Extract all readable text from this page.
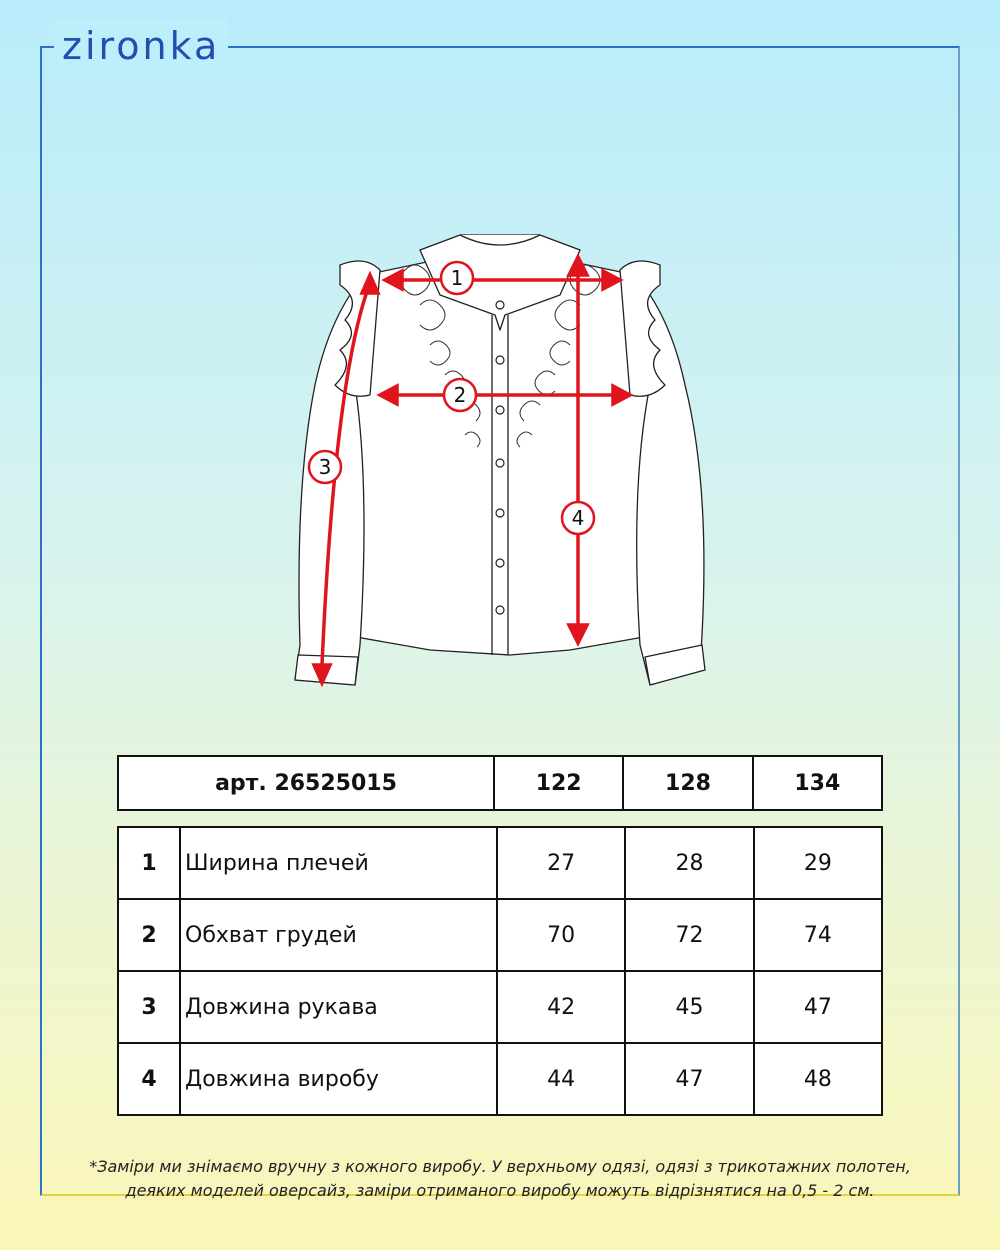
zironka
1
2
3
4
арт. 26525015	122	128	134
1	Ширина плечей	27	28	29
2	Обхват грудей	70	72	74
3	Довжина рукава	42	45	47
4	Довжина виробу	44	47	48
*Заміри ми знімаємо вручну з кожного виробу. У верхньому одязі, одязі з трикотажних полотен,
деяких моделей оверсайз, заміри отриманого виробу можуть відрізнятися на 0,5 - 2 см.
